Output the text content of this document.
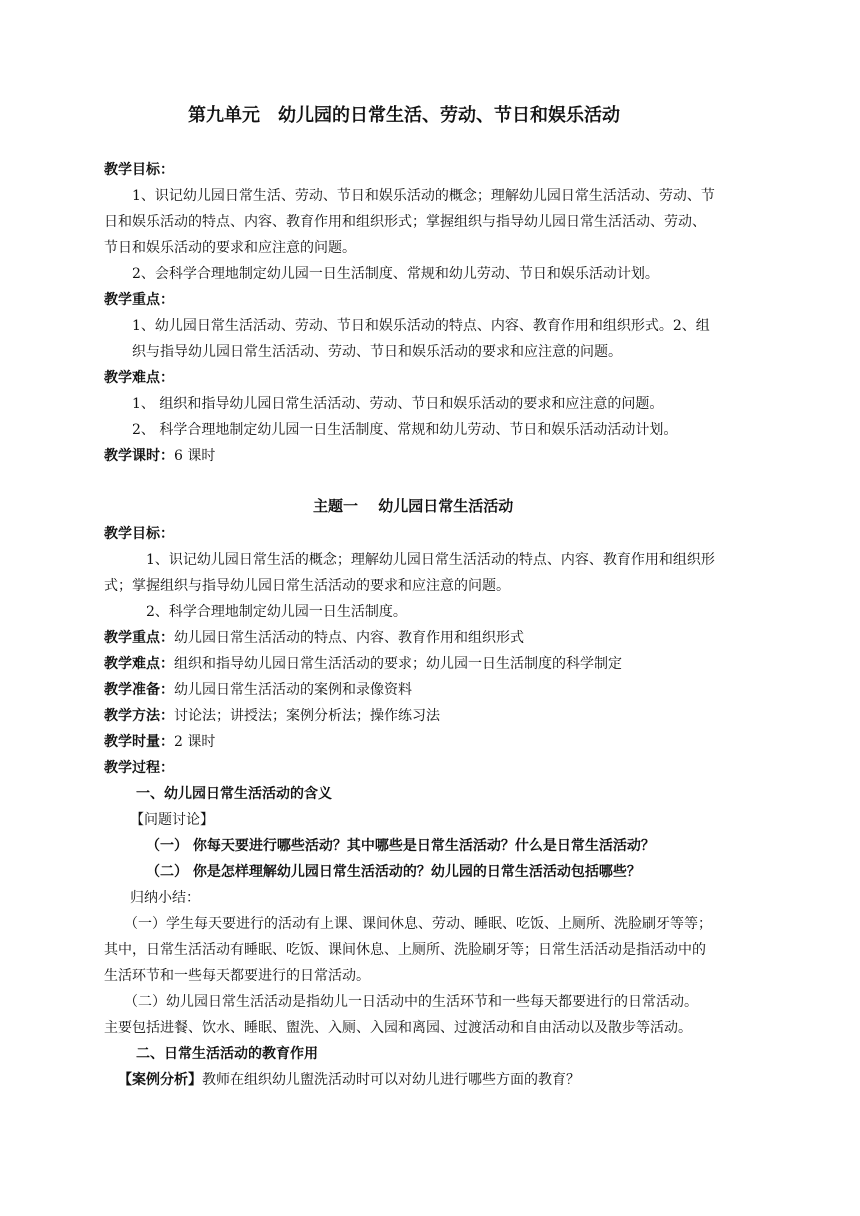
第九单元　幼儿园的日常生活、劳动、节日和娱乐活动
教学目标：
1、识记幼儿园日常生活、劳动、节日和娱乐活动的概念；理解幼儿园日常生活活动、劳动、节
日和娱乐活动的特点、内容、教育作用和组织形式；掌握组织与指导幼儿园日常生活活动、劳动、
节日和娱乐活动的要求和应注意的问题。
2、会科学合理地制定幼儿园一日生活制度、常规和幼儿劳动、节日和娱乐活动计划。
教学重点：
1、幼儿园日常生活活动、劳动、节日和娱乐活动的特点、内容、教育作用和组织形式。2、组
织与指导幼儿园日常生活活动、劳动、节日和娱乐活动的要求和应注意的问题。
教学难点：
1、 组织和指导幼儿园日常生活活动、劳动、节日和娱乐活动的要求和应注意的问题。
2、 科学合理地制定幼儿园一日生活制度、常规和幼儿劳动、节日和娱乐活动活动计划。
教学课时：6 课时
主题一　 幼儿园日常生活活动
教学目标：
1、识记幼儿园日常生活的概念；理解幼儿园日常生活活动的特点、内容、教育作用和组织形
式；掌握组织与指导幼儿园日常生活活动的要求和应注意的问题。
2、科学合理地制定幼儿园一日生活制度。
教学重点：幼儿园日常生活活动的特点、内容、教育作用和组织形式
教学难点：组织和指导幼儿园日常生活活动的要求；幼儿园一日生活制度的科学制定
教学准备：幼儿园日常生活活动的案例和录像资料
教学方法：讨论法；讲授法；案例分析法；操作练习法
教学时量：2 课时
教学过程：
一、幼儿园日常生活活动的含义
【问题讨论】
（一） 你每天要进行哪些活动？其中哪些是日常生活活动？什么是日常生活活动？
（二） 你是怎样理解幼儿园日常生活活动的？幼儿园的日常生活活动包括哪些？
归纳小结：
（一）学生每天要进行的活动有上课、课间休息、劳动、睡眠、吃饭、上厕所、洗脸刷牙等等；
其中，日常生活活动有睡眠、吃饭、课间休息、上厕所、洗脸刷牙等；日常生活活动是指活动中的
生活环节和一些每天都要进行的日常活动。
（二）幼儿园日常生活活动是指幼儿一日活动中的生活环节和一些每天都要进行的日常活动。
主要包括进餐、饮水、睡眠、盥洗、入厕、入园和离园、过渡活动和自由活动以及散步等活动。
二、日常生活活动的教育作用
【案例分析】教师在组织幼儿盥洗活动时可以对幼儿进行哪些方面的教育？
